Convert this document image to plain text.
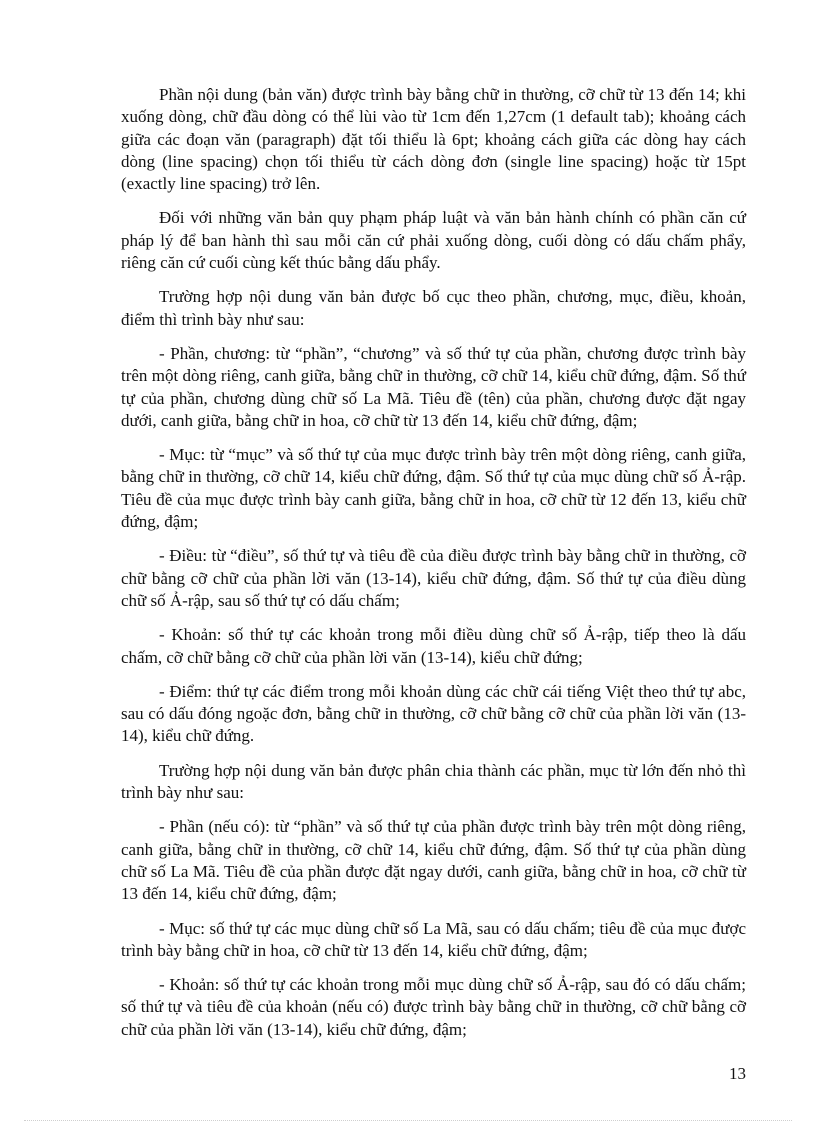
Phần nội dung (bản văn) được trình bày bằng chữ in thường, cỡ chữ từ 13 đến 14; khi xuống dòng, chữ đầu dòng có thể lùi vào từ 1cm đến 1,27cm (1 default tab); khoảng cách giữa các đoạn văn (paragraph) đặt tối thiểu là 6pt; khoảng cách giữa các dòng hay cách dòng (line spacing) chọn tối thiểu từ cách dòng đơn (single line spacing) hoặc từ 15pt (exactly line spacing) trở lên.

Đối với những văn bản quy phạm pháp luật và văn bản hành chính có phần căn cứ pháp lý để ban hành thì sau mỗi căn cứ phải xuống dòng, cuối dòng có dấu chấm phẩy, riêng căn cứ cuối cùng kết thúc bằng dấu phẩy.

Trường hợp nội dung văn bản được bố cục theo phần, chương, mục, điều, khoản, điểm thì trình bày như sau:

- Phần, chương: từ “phần”, “chương” và số thứ tự của phần, chương được trình bày trên một dòng riêng, canh giữa, bằng chữ in thường, cỡ chữ 14, kiểu chữ đứng, đậm. Số thứ tự của phần, chương dùng chữ số La Mã. Tiêu đề (tên) của phần, chương được đặt ngay dưới, canh giữa, bằng chữ in hoa, cỡ chữ từ 13 đến 14, kiểu chữ đứng, đậm;

- Mục: từ “mục” và số thứ tự của mục được trình bày trên một dòng riêng, canh giữa, bằng chữ in thường, cỡ chữ 14, kiểu chữ đứng, đậm. Số thứ tự của mục dùng chữ số Ả-rập. Tiêu đề của mục được trình bày canh giữa, bằng chữ in hoa, cỡ chữ từ 12 đến 13, kiểu chữ đứng, đậm;

- Điều: từ “điều”, số thứ tự và tiêu đề của điều được trình bày bằng chữ in thường, cỡ chữ bằng cỡ chữ của phần lời văn (13-14), kiểu chữ đứng, đậm. Số thứ tự của điều dùng chữ số Ả-rập, sau số thứ tự có dấu chấm;

- Khoản: số thứ tự các khoản trong mỗi điều dùng chữ số Ả-rập, tiếp theo là dấu chấm, cỡ chữ bằng cỡ chữ của phần lời văn (13-14), kiểu chữ đứng;

- Điểm: thứ tự các điểm trong mỗi khoản dùng các chữ cái tiếng Việt theo thứ tự abc, sau có dấu đóng ngoặc đơn, bằng chữ in thường, cỡ chữ bằng cỡ chữ của phần lời văn (13-14), kiểu chữ đứng.

Trường hợp nội dung văn bản được phân chia thành các phần, mục từ lớn đến nhỏ thì trình bày như sau:

- Phần (nếu có): từ “phần” và số thứ tự của phần được trình bày trên một dòng riêng, canh giữa, bằng chữ in thường, cỡ chữ 14, kiểu chữ đứng, đậm. Số thứ tự của phần dùng chữ số La Mã. Tiêu đề của phần được đặt ngay dưới, canh giữa, bằng chữ in hoa, cỡ chữ từ 13 đến 14, kiểu chữ đứng, đậm;

- Mục: số thứ tự các mục dùng chữ số La Mã, sau có dấu chấm; tiêu đề của mục được trình bày bằng chữ in hoa, cỡ chữ từ 13 đến 14, kiểu chữ đứng, đậm;

- Khoản: số thứ tự các khoản trong mỗi mục dùng chữ số Ả-rập, sau đó có dấu chấm; số thứ tự và tiêu đề của khoản (nếu có) được trình bày bằng chữ in thường, cỡ chữ bằng cỡ chữ của phần lời văn (13-14), kiểu chữ đứng, đậm;

13
